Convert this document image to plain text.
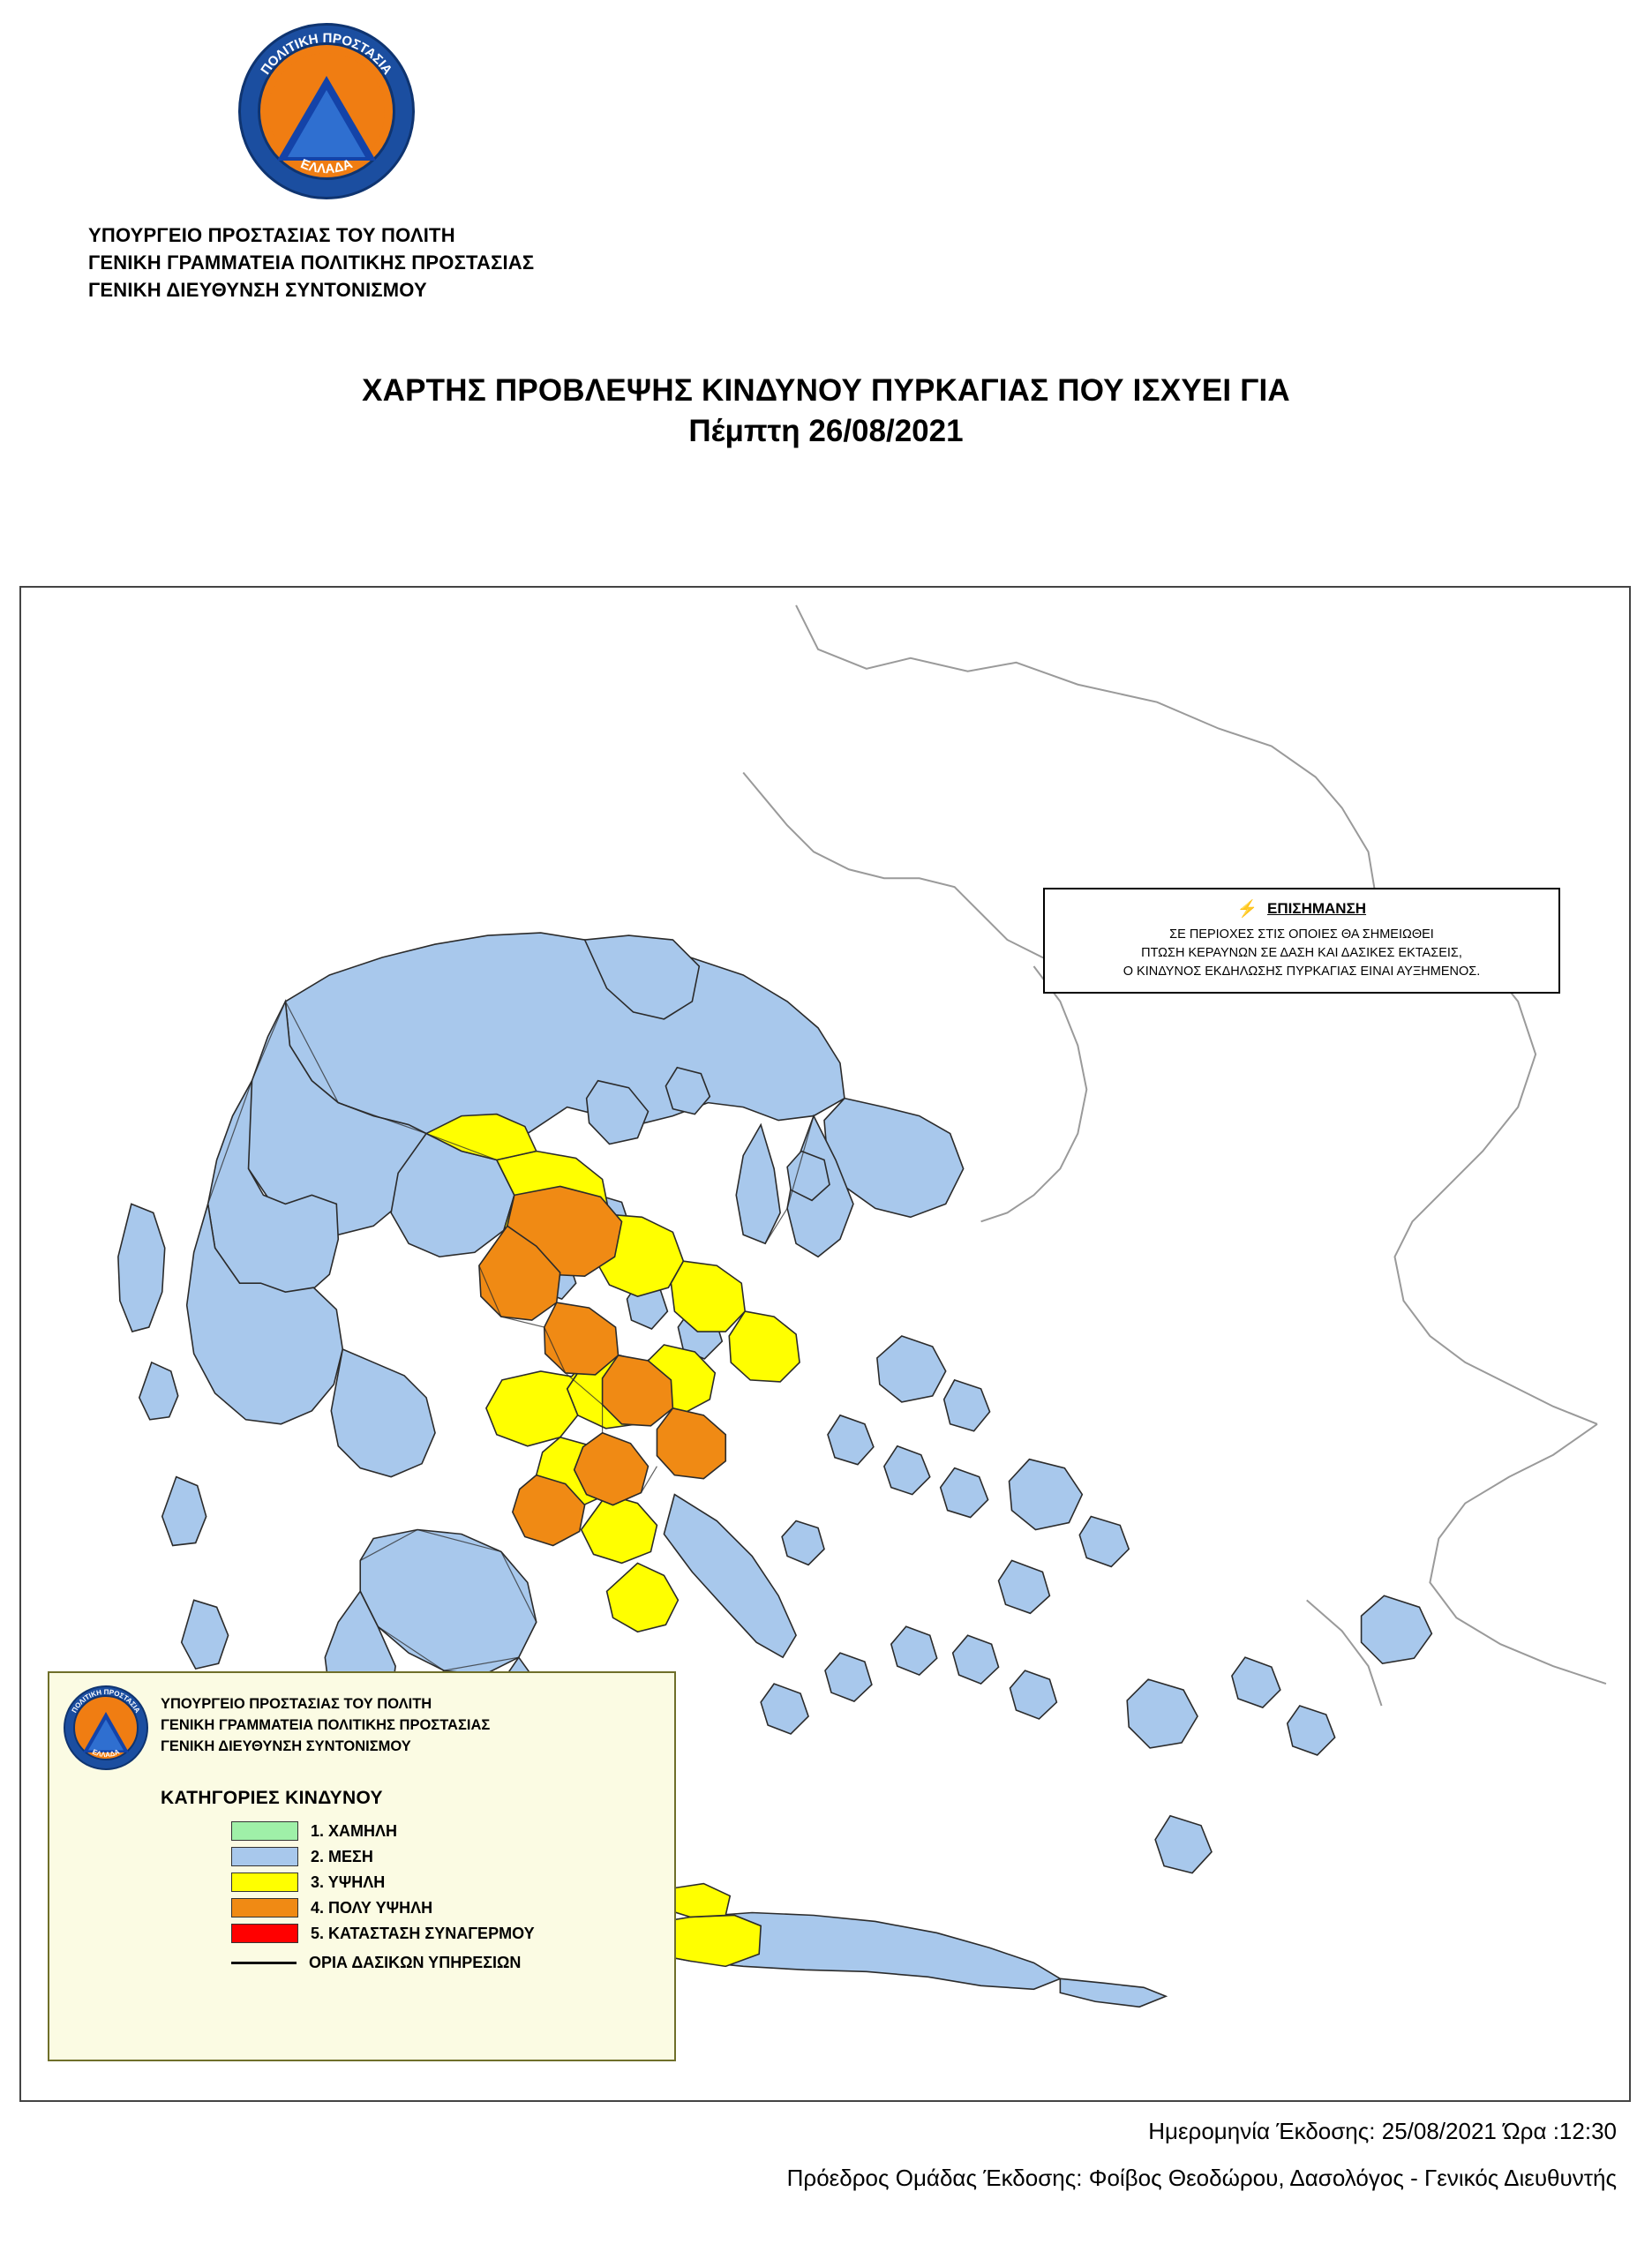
ΠΟΛΙΤΙΚΗ ΠΡΟΣΤΑΣΙΑ
ΕΛΛΑΔΑ
ΥΠΟΥΡΓΕΙΟ ΠΡΟΣΤΑΣΙΑΣ ΤΟΥ ΠΟΛΙΤΗ
ΓΕΝΙΚΗ ΓΡΑΜΜΑΤΕΙΑ ΠΟΛΙΤΙΚΗΣ ΠΡΟΣΤΑΣΙΑΣ
ΓΕΝΙΚΗ ΔΙΕΥΘΥΝΣΗ ΣΥΝΤΟΝΙΣΜΟΥ
ΧΑΡΤΗΣ ΠΡΟΒΛΕΨΗΣ ΚΙΝΔΥΝΟΥ ΠΥΡΚΑΓΙΑΣ ΠΟΥ ΙΣΧΥΕΙ ΓΙΑ
Πέμπτη 26/08/2021
⚡ ΕΠΙΣΗΜΑΝΣΗ
ΣΕ ΠΕΡΙΟΧΕΣ ΣΤΙΣ ΟΠΟΙΕΣ ΘΑ ΣΗΜΕΙΩΘΕΙ
ΠΤΩΣΗ ΚΕΡΑΥΝΩΝ ΣΕ ΔΑΣΗ ΚΑΙ ΔΑΣΙΚΕΣ ΕΚΤΑΣΕΙΣ,
Ο ΚΙΝΔΥΝΟΣ ΕΚΔΗΛΩΣΗΣ ΠΥΡΚΑΓΙΑΣ ΕΙΝΑΙ ΑΥΞΗΜΕΝΟΣ.
ΠΟΛΙΤΙΚΗ ΠΡΟΣΤΑΣΙΑ
ΕΛΛΑΔΑ
ΥΠΟΥΡΓΕΙΟ ΠΡΟΣΤΑΣΙΑΣ ΤΟΥ ΠΟΛΙΤΗ
ΓΕΝΙΚΗ ΓΡΑΜΜΑΤΕΙΑ ΠΟΛΙΤΙΚΗΣ ΠΡΟΣΤΑΣΙΑΣ
ΓΕΝΙΚΗ ΔΙΕΥΘΥΝΣΗ ΣΥΝΤΟΝΙΣΜΟΥ
ΚΑΤΗΓΟΡΙΕΣ ΚΙΝΔΥΝΟΥ
1. ΧΑΜΗΛΗ
2. ΜΕΣΗ
3. ΥΨΗΛΗ
4. ΠΟΛΥ ΥΨΗΛΗ
5. ΚΑΤΑΣΤΑΣΗ ΣΥΝΑΓΕΡΜΟΥ
ΟΡΙΑ ΔΑΣΙΚΩΝ ΥΠΗΡΕΣΙΩΝ
Ημερομηνία Έκδοσης: 25/08/2021 Ώρα :12:30
Πρόεδρος Ομάδας Έκδοσης: Φοίβος Θεοδώρου, Δασολόγος - Γενικός Διευθυντής
